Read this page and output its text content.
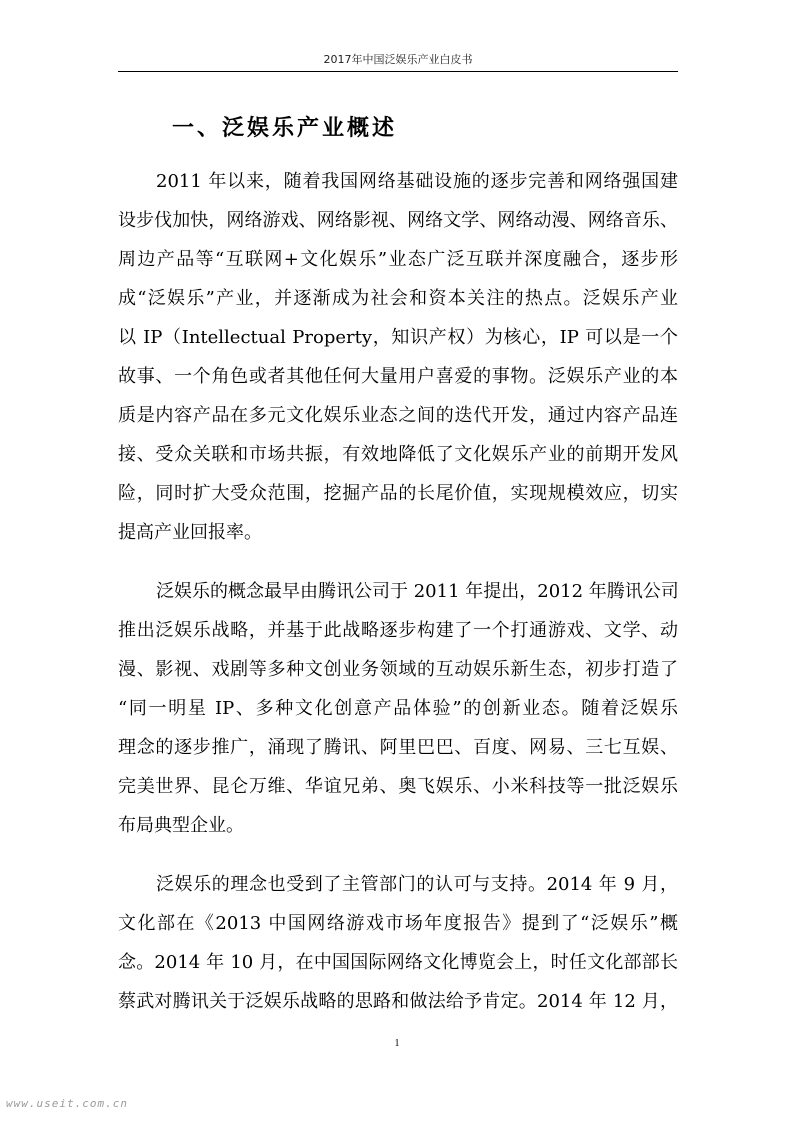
2017年中国泛娱乐产业白皮书
一、泛娱乐产业概述
2011 年以来，随着我国网络基础设施的逐步完善和网络强国建
设步伐加快，网络游戏、网络影视、网络文学、网络动漫、网络音乐、
周边产品等“互联网+文化娱乐”业态广泛互联并深度融合，逐步形
成“泛娱乐”产业，并逐渐成为社会和资本关注的热点。泛娱乐产业
以 IP（Intellectual Property，知识产权）为核心，IP 可以是一个
故事、一个角色或者其他任何大量用户喜爱的事物。泛娱乐产业的本
质是内容产品在多元文化娱乐业态之间的迭代开发，通过内容产品连
接、受众关联和市场共振，有效地降低了文化娱乐产业的前期开发风
险，同时扩大受众范围，挖掘产品的长尾价值，实现规模效应，切实
提高产业回报率。
泛娱乐的概念最早由腾讯公司于 2011 年提出，2012 年腾讯公司
推出泛娱乐战略，并基于此战略逐步构建了一个打通游戏、文学、动
漫、影视、戏剧等多种文创业务领域的互动娱乐新生态，初步打造了
“同一明星 IP、多种文化创意产品体验”的创新业态。随着泛娱乐
理念的逐步推广，涌现了腾讯、阿里巴巴、百度、网易、三七互娱、
完美世界、昆仑万维、华谊兄弟、奥飞娱乐、小米科技等一批泛娱乐
布局典型企业。
泛娱乐的理念也受到了主管部门的认可与支持。2014 年 9 月，
文化部在《2013 中国网络游戏市场年度报告》提到了“泛娱乐”概
念。2014 年 10 月，在中国国际网络文化博览会上，时任文化部部长
蔡武对腾讯关于泛娱乐战略的思路和做法给予肯定。2014 年 12 月，
1
www.useit.com.cn
